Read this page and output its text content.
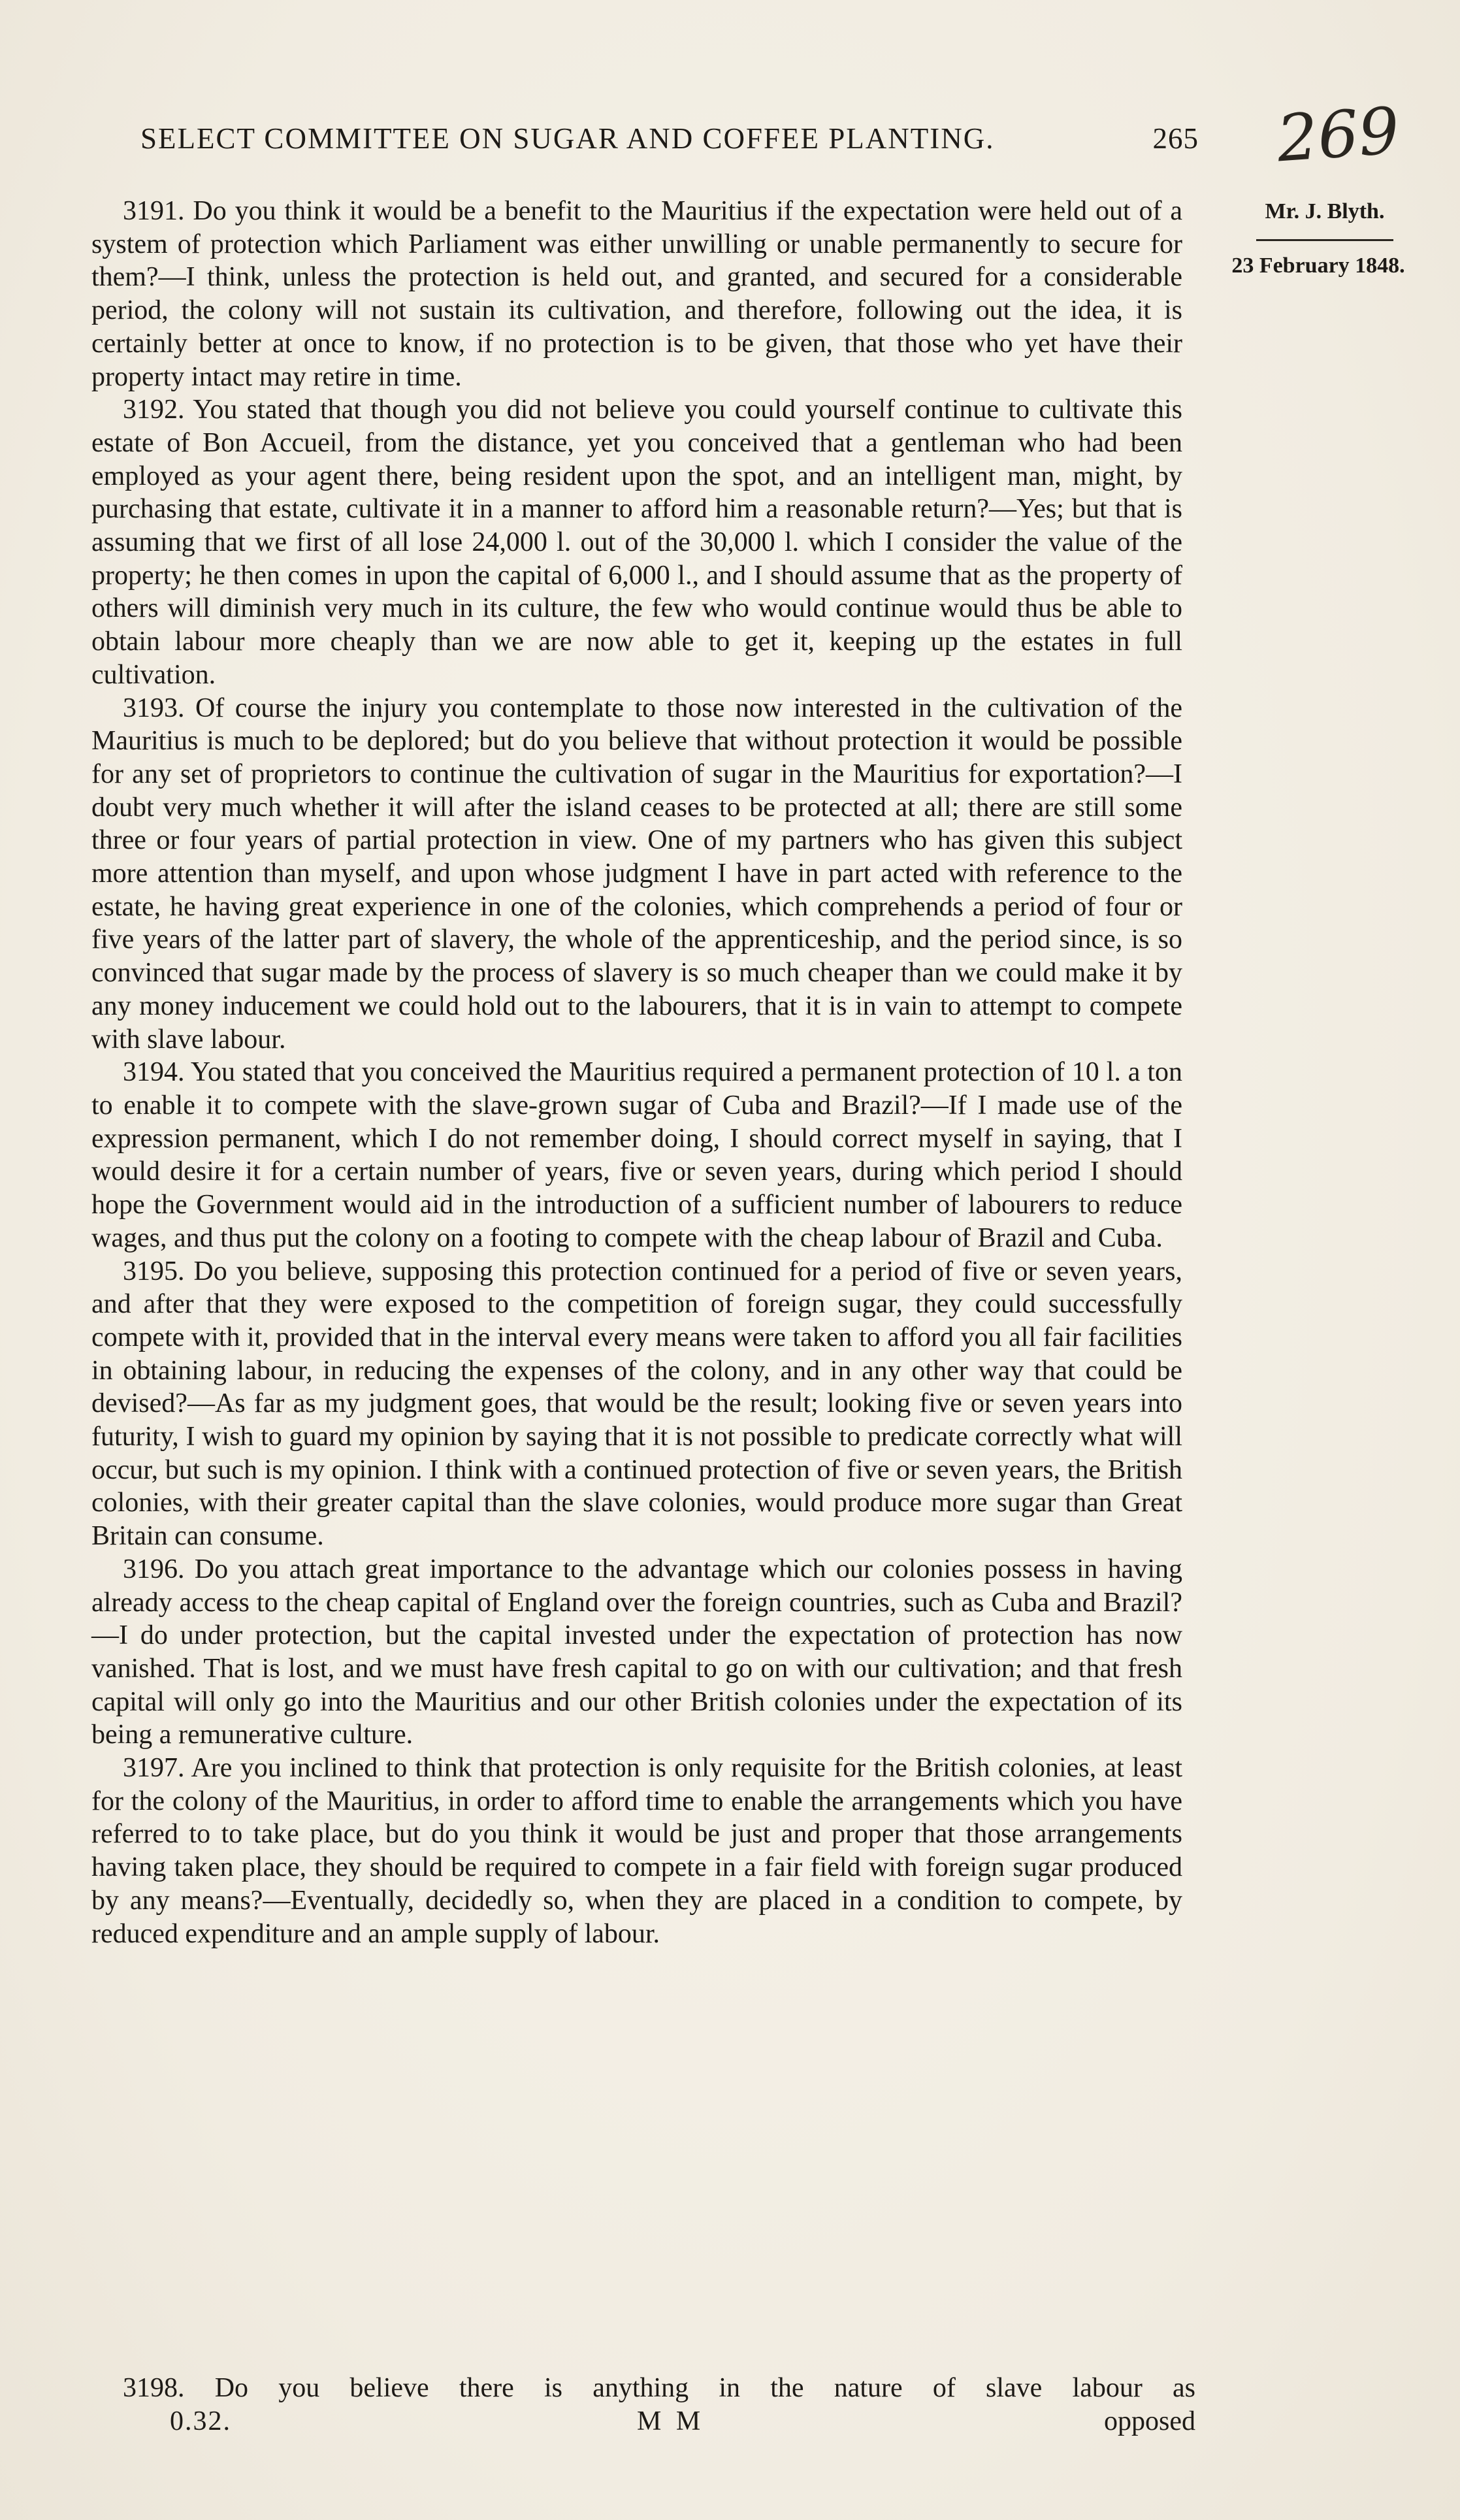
SELECT COMMITTEE ON SUGAR AND COFFEE PLANTING.	265 269
Mr. J. Blyth.
23 February 1848.

3191. Do you think it would be a benefit to the Mauritius if the expectation were held out of a system of protection which Parliament was either unwilling or unable permanently to secure for them?—I think, unless the protection is held out, and granted, and secured for a considerable period, the colony will not sustain its cultivation, and therefore, following out the idea, it is certainly better at once to know, if no protection is to be given, that those who yet have their property intact may retire in time.

3192. You stated that though you did not believe you could yourself continue to cultivate this estate of Bon Accueil, from the distance, yet you conceived that a gentleman who had been employed as your agent there, being resident upon the spot, and an intelligent man, might, by purchasing that estate, cultivate it in a manner to afford him a reasonable return?—Yes; but that is assuming that we first of all lose 24,000 l. out of the 30,000 l. which I consider the value of the property; he then comes in upon the capital of 6,000 l., and I should assume that as the property of others will diminish very much in its culture, the few who would continue would thus be able to obtain labour more cheaply than we are now able to get it, keeping up the estates in full cultivation.

3193. Of course the injury you contemplate to those now interested in the cultivation of the Mauritius is much to be deplored; but do you believe that without protection it would be possible for any set of proprietors to continue the cultivation of sugar in the Mauritius for exportation?—I doubt very much whether it will after the island ceases to be protected at all; there are still some three or four years of partial protection in view. One of my partners who has given this subject more attention than myself, and upon whose judgment I have in part acted with reference to the estate, he having great experience in one of the colonies, which comprehends a period of four or five years of the latter part of slavery, the whole of the apprenticeship, and the period since, is so convinced that sugar made by the process of slavery is so much cheaper than we could make it by any money inducement we could hold out to the labourers, that it is in vain to attempt to compete with slave labour.

3194. You stated that you conceived the Mauritius required a permanent protection of 10 l. a ton to enable it to compete with the slave-grown sugar of Cuba and Brazil?—If I made use of the expression permanent, which I do not remember doing, I should correct myself in saying, that I would desire it for a certain number of years, five or seven years, during which period I should hope the Government would aid in the introduction of a sufficient number of labourers to reduce wages, and thus put the colony on a footing to compete with the cheap labour of Brazil and Cuba.

3195. Do you believe, supposing this protection continued for a period of five or seven years, and after that they were exposed to the competition of foreign sugar, they could successfully compete with it, provided that in the interval every means were taken to afford you all fair facilities in obtaining labour, in reducing the expenses of the colony, and in any other way that could be devised?—As far as my judgment goes, that would be the result; looking five or seven years into futurity, I wish to guard my opinion by saying that it is not possible to predicate correctly what will occur, but such is my opinion. I think with a continued protection of five or seven years, the British colonies, with their greater capital than the slave colonies, would produce more sugar than Great Britain can consume.

3196. Do you attach great importance to the advantage which our colonies possess in having already access to the cheap capital of England over the foreign countries, such as Cuba and Brazil?—I do under protection, but the capital invested under the expectation of protection has now vanished. That is lost, and we must have fresh capital to go on with our cultivation; and that fresh capital will only go into the Mauritius and our other British colonies under the expectation of its being a remunerative culture.

3197. Are you inclined to think that protection is only requisite for the British colonies, at least for the colony of the Mauritius, in order to afford time to enable the arrangements which you have referred to to take place, but do you think it would be just and proper that those arrangements having taken place, they should be required to compete in a fair field with foreign sugar produced by any means?—Eventually, decidedly so, when they are placed in a condition to compete, by reduced expenditure and an ample supply of labour.

3198. Do you believe there is anything in the nature of slave labour as
0.32.	M M	opposed
